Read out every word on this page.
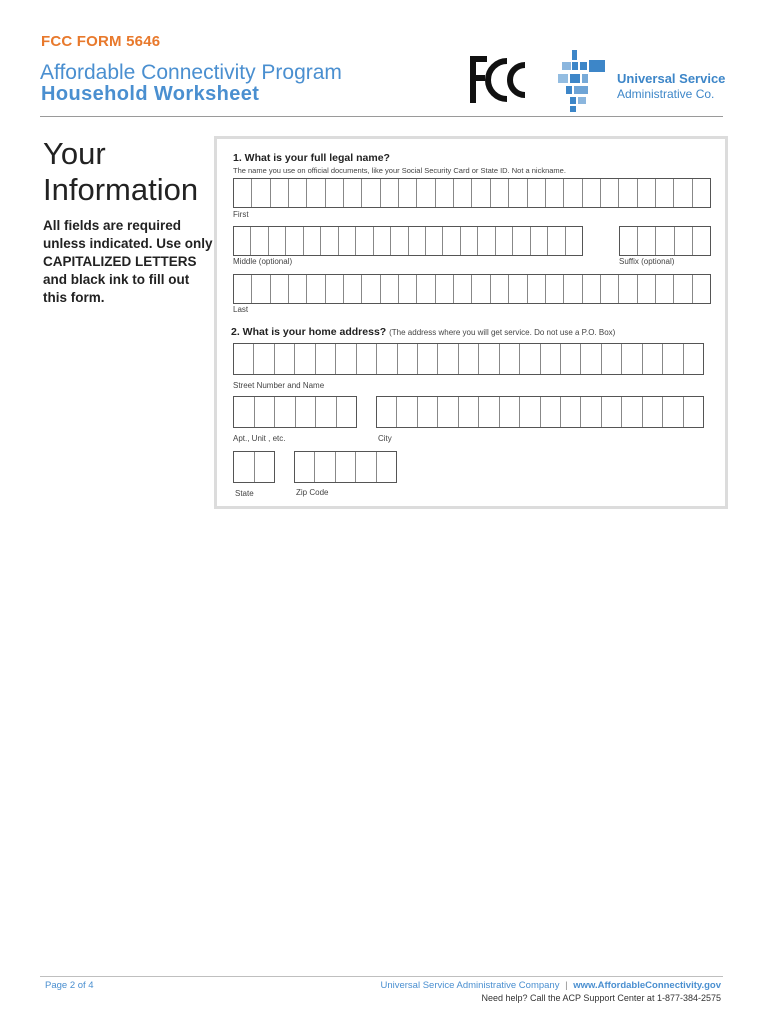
FCC FORM 5646
Affordable Connectivity Program
Household Worksheet
Universal Service
Administrative Co.
Your
Information
All fields are required unless indicated. Use only CAPITALIZED LETTERS and black ink to fill out this form.
1. What is your full legal name?
The name you use on official documents, like your Social Security Card or State ID. Not a nickname.
First
Middle (optional)	Suffix (optional)
Last
2. What is your home address? (The address where you will get service. Do not use a P.O. Box)
Street Number and Name
Apt., Unit , etc.	City
State	Zip Code
Page 2 of 4	Universal Service Administrative Company | www.AffordableConnectivity.gov
Need help? Call the ACP Support Center at 1-877-384-2575
